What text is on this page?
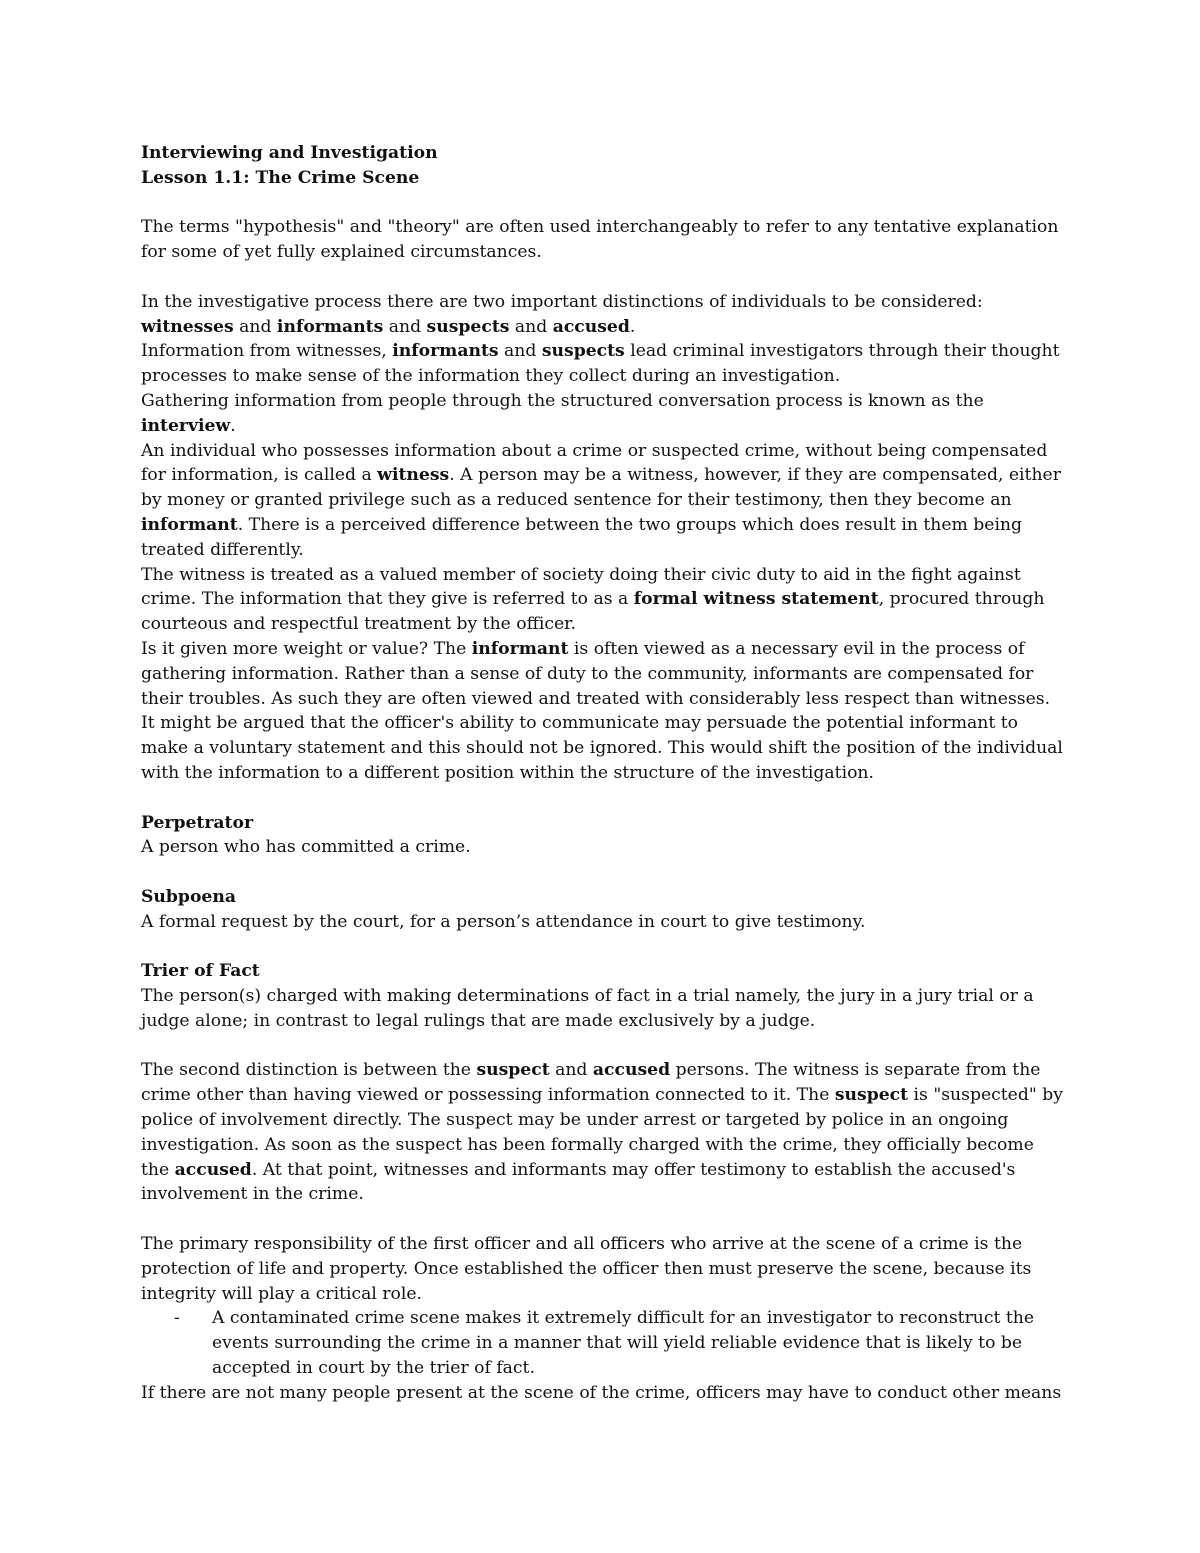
Interviewing and Investigation

Lesson 1.1: The Crime Scene

The terms "hypothesis" and "theory" are often used interchangeably to refer to any tentative explanation for some of yet fully explained circumstances.

In the investigative process there are two important distinctions of individuals to be considered: witnesses and informants and suspects and accused.

Information from witnesses, informants and suspects lead criminal investigators through their thought processes to make sense of the information they collect during an investigation.

Gathering information from people through the structured conversation process is known as the interview.

An individual who possesses information about a crime or suspected crime, without being compensated for information, is called a witness. A person may be a witness, however, if they are compensated, either by money or granted privilege such as a reduced sentence for their testimony, then they become an informant. There is a perceived difference between the two groups which does result in them being treated differently.

The witness is treated as a valued member of society doing their civic duty to aid in the fight against crime. The information that they give is referred to as a formal witness statement, procured through courteous and respectful treatment by the officer.

Is it given more weight or value? The informant is often viewed as a necessary evil in the process of gathering information. Rather than a sense of duty to the community, informants are compensated for their troubles. As such they are often viewed and treated with considerably less respect than witnesses. It might be argued that the officer's ability to communicate may persuade the potential informant to make a voluntary statement and this should not be ignored. This would shift the position of the individual with the information to a different position within the structure of the investigation.

Perpetrator

A person who has committed a crime.

Subpoena

A formal request by the court, for a person’s attendance in court to give testimony.

Trier of Fact

The person(s) charged with making determinations of fact in a trial namely, the jury in a jury trial or a judge alone; in contrast to legal rulings that are made exclusively by a judge.

The second distinction is between the suspect and accused persons. The witness is separate from the crime other than having viewed or possessing information connected to it. The suspect is "suspected" by police of involvement directly. The suspect may be under arrest or targeted by police in an ongoing investigation. As soon as the suspect has been formally charged with the crime, they officially become the accused. At that point, witnesses and informants may offer testimony to establish the accused's involvement in the crime.

The primary responsibility of the first officer and all officers who arrive at the scene of a crime is the protection of life and property. Once established the officer then must preserve the scene, because its integrity will play a critical role.

-	A contaminated crime scene makes it extremely difficult for an investigator to reconstruct the events surrounding the crime in a manner that will yield reliable evidence that is likely to be accepted in court by the trier of fact.

If there are not many people present at the scene of the crime, officers may have to conduct other means
